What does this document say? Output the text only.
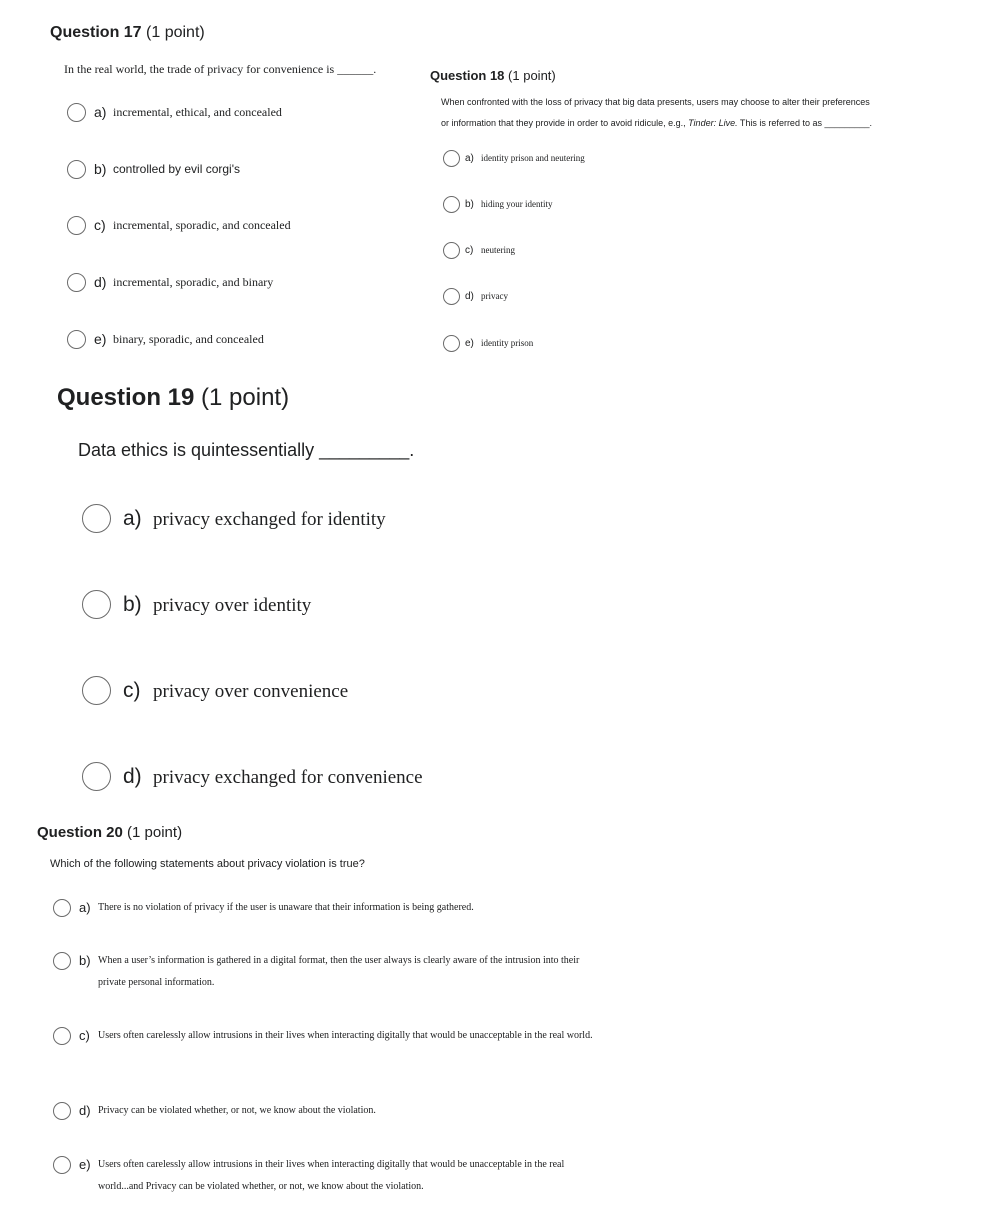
Question 17 (1 point)
In the real world, the trade of privacy for convenience is ______.
a) incremental, ethical, and concealed
b) controlled by evil corgi's
c) incremental, sporadic, and concealed
d) incremental, sporadic, and binary
e) binary, sporadic, and concealed
Question 18 (1 point)
When confronted with the loss of privacy that big data presents, users may choose to alter their preferences
or information that they provide in order to avoid ridicule, e.g., Tinder: Live. This is referred to as _________.
a) identity prison and neutering
b) hiding your identity
c) neutering
d) privacy
e) identity prison
Question 19 (1 point)
Data ethics is quintessentially _________.
a) privacy exchanged for identity
b) privacy over identity
c) privacy over convenience
d) privacy exchanged for convenience
Question 20 (1 point)
Which of the following statements about privacy violation is true?
a) There is no violation of privacy if the user is unaware that their information is being gathered.
b) When a user’s information is gathered in a digital format, then the user always is clearly aware of the intrusion into their private personal information.
c) Users often carelessly allow intrusions in their lives when interacting digitally that would be unacceptable in the real world.
d) Privacy can be violated whether, or not, we know about the violation.
e) Users often carelessly allow intrusions in their lives when interacting digitally that would be unacceptable in the real world...and Privacy can be violated whether, or not, we know about the violation.
